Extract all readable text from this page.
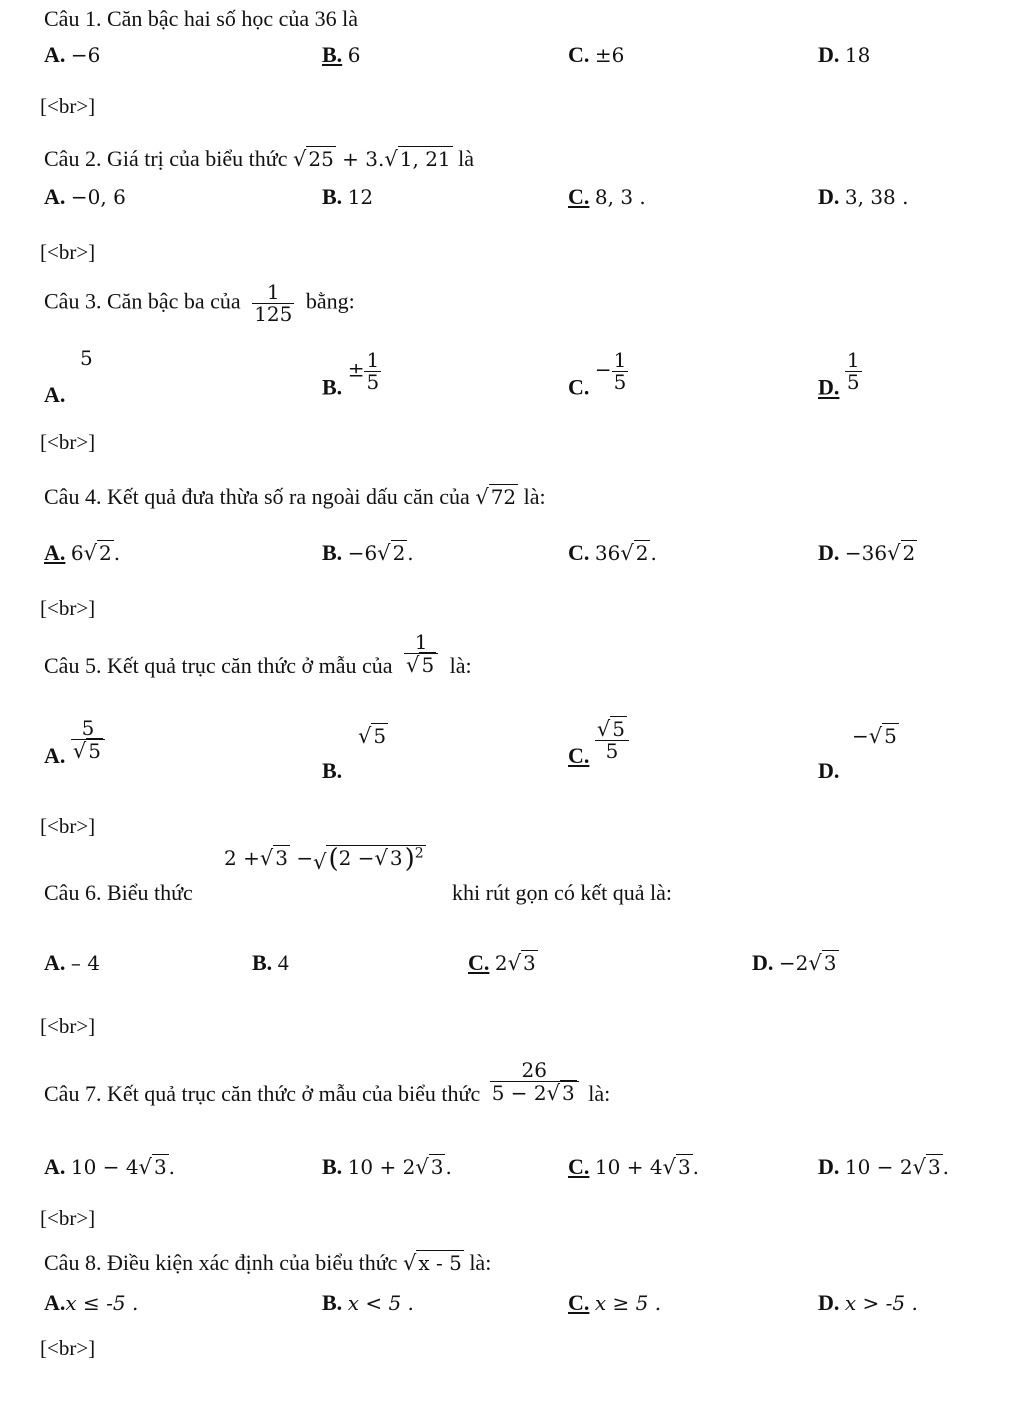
Câu 1. Căn bậc hai số học của 36 là
A. −6	B. 6	C. ±6	D. 18
[<br>]
Câu 2. Giá trị của biểu thức √ 25 + 3.√ 1, 21 là
A. −0, 6	B. 12	C. 8, 3 .	D. 3, 38 .
[<br>]
Câu 3. Căn bậc ba của $\frac{1}{125}$ bằng:
5
A.	B. ± $\frac{1}{5}$	C. − $\frac{1}{5}$	D. $\frac{1}{5}$
[<br>]
Câu 4. Kết quả đưa thừa số ra ngoài dấu căn của √ 72 là:
A. 6√ 2 .	B. −6√ 2 .	C. 36√ 2 .	D. −36√ 2
[<br>]
Câu 5. Kết quả trục căn thức ở mẫu của $\frac{1}{√ 5}$ là:
A. $\frac{5}{√ 5}$	√ 5
B.
C. $\frac{√ 5}{5}$	−√ 5
D.
[<br>]
Câu 6. Biểu thức
2 +√ 3 −√(2 −√ 3)$^2$
khi rút gọn có kết quả là:
A. – 4	B. 4	C. 2√ 3	D. −2√ 3
[<br>]
Câu 7. Kết quả trục căn thức ở mẫu của biểu thức $\frac{26}{5 - 2√ 3}$ là:
A. 10 − 4√ 3 .	B. 10 + 2√ 3 .	C. 10 + 4√ 3 .	D. 10 − 2√ 3 .
[<br>]
Câu 8. Điều kiện xác định của biểu thức √ x - 5 là:
A.x ≤ -5 .	B. x < 5 .	C. x ≥ 5 .	D. x > -5 .
[<br>]
